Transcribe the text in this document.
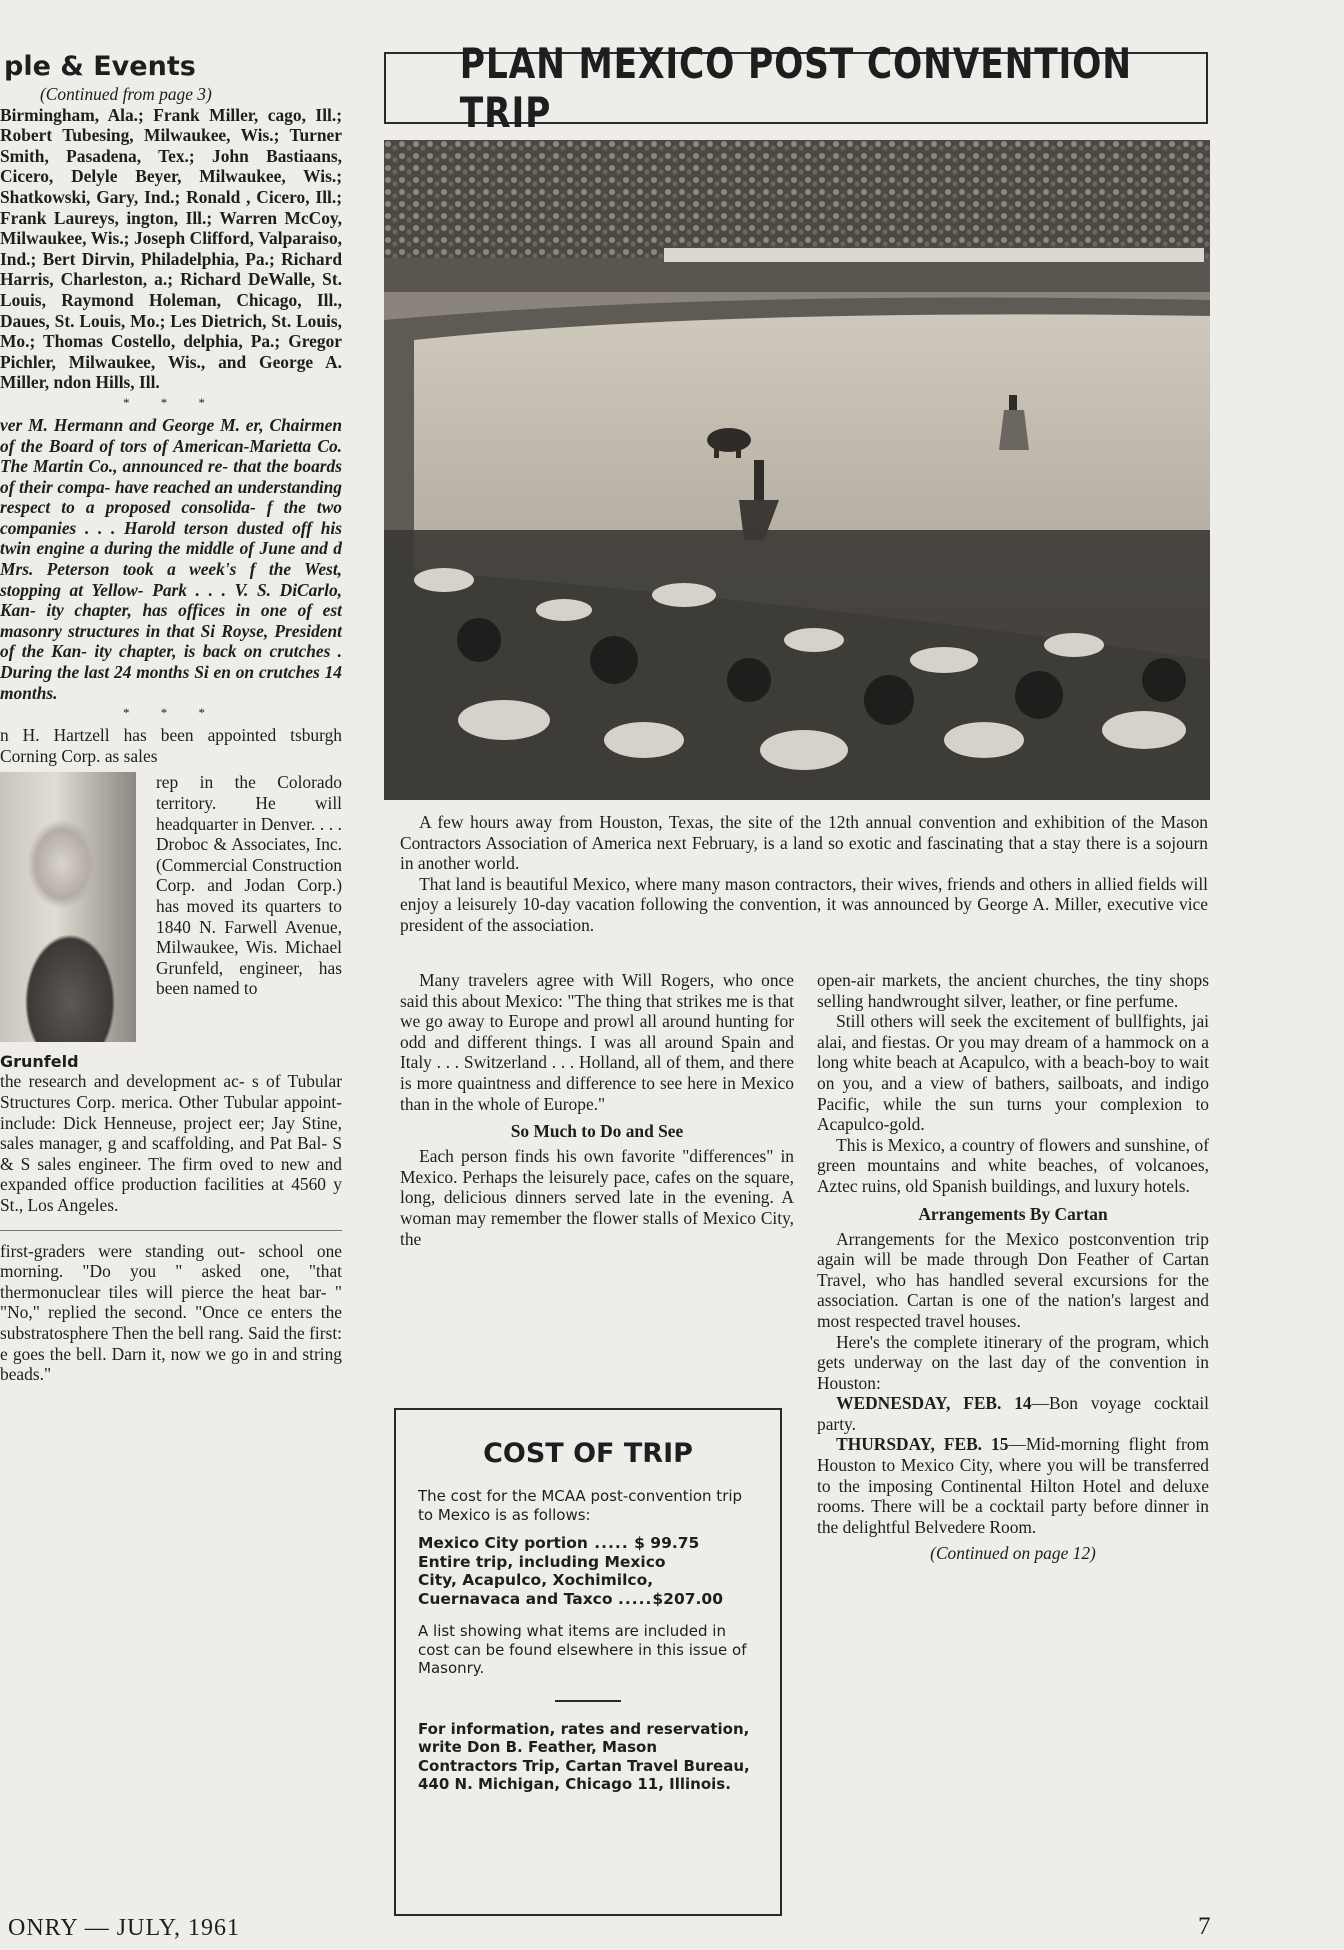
ple & Events

(Continued from page 3)

Birmingham, Ala.; Frank Miller, cago, Ill.; Robert Tubesing, Milwaukee, Wis.; Turner Smith, Pasadena, Tex.; John Bastiaans, Cicero, Delyle Beyer, Milwaukee, Wis.; Shatkowski, Gary, Ind.; Ronald , Cicero, Ill.; Frank Laureys, ington, Ill.; Warren McCoy, Milwaukee, Wis.; Joseph Clifford, Valparaiso, Ind.; Bert Dirvin, Philadelphia, Pa.; Richard Harris, Charleston, a.; Richard DeWalle, St. Louis, Raymond Holeman, Chicago, Ill., Daues, St. Louis, Mo.; Les Dietrich, St. Louis, Mo.; Thomas Costello, delphia, Pa.; Gregor Pichler, Milwaukee, Wis., and George A. Miller, ndon Hills, Ill.

* * *

ver M. Hermann and George M. er, Chairmen of the Board of tors of American-Marietta Co. The Martin Co., announced re- that the boards of their compa- have reached an understanding respect to a proposed consolida- f the two companies . . . Harold terson dusted off his twin engine a during the middle of June and d Mrs. Peterson took a week's f the West, stopping at Yellow- Park . . . V. S. DiCarlo, Kan- ity chapter, has offices in one of est masonry structures in that Si Royse, President of the Kan- ity chapter, is back on crutches . During the last 24 months Si en on crutches 14 months.

* * *

n H. Hartzell has been appointed tsburgh Corning Corp. as sales

Grunfeld

rep in the Colorado territory. He will headquarter in Denver. . . . Droboc & Associates, Inc. (Commercial Construction Corp. and Jodan Corp.) has moved its quarters to 1840 N. Farwell Avenue, Milwaukee, Wis. Michael Grunfeld, engineer, has been named to

the research and development ac- s of Tubular Structures Corp. merica. Other Tubular appoint- include: Dick Henneuse, project eer; Jay Stine, sales manager, g and scaffolding, and Pat Bal- S & S sales engineer. The firm oved to new and expanded office production facilities at 4560 y St., Los Angeles.

first-graders were standing out- school one morning. "Do you " asked one, "that thermonuclear tiles will pierce the heat bar- " "No," replied the second. "Once ce enters the substratosphere Then the bell rang. Said the first: e goes the bell. Darn it, now we go in and string beads."

PLAN MEXICO POST CONVENTION TRIP

A few hours away from Houston, Texas, the site of the 12th annual convention and exhibition of the Mason Contractors Association of America next February, is a land so exotic and fascinating that a stay there is a sojourn in another world.

That land is beautiful Mexico, where many mason contractors, their wives, friends and others in allied fields will enjoy a leisurely 10-day vacation following the convention, it was announced by George A. Miller, executive vice president of the association.

Many travelers agree with Will Rogers, who once said this about Mexico: "The thing that strikes me is that we go away to Europe and prowl all around hunting for odd and different things. I was all around Spain and Italy . . . Switzerland . . . Holland, all of them, and there is more quaintness and difference to see here in Mexico than in the whole of Europe."

So Much to Do and See

Each person finds his own favorite "differences" in Mexico. Perhaps the leisurely pace, cafes on the square, long, delicious dinners served late in the evening. A woman may remember the flower stalls of Mexico City, the

COST OF TRIP

The cost for the MCAA post-convention trip to Mexico is as follows:

Mexico City portion ..... $ 99.75
Entire trip, including Mexico
City, Acapulco, Xochimilco,
Cuernavaca and Taxco .....$207.00

A list showing what items are included in cost can be found elsewhere in this issue of Masonry.

For information, rates and reservation, write Don B. Feather, Mason Contractors Trip, Cartan Travel Bureau, 440 N. Michigan, Chicago 11, Illinois.

open-air markets, the ancient churches, the tiny shops selling handwrought silver, leather, or fine perfume.

Still others will seek the excitement of bullfights, jai alai, and fiestas. Or you may dream of a hammock on a long white beach at Acapulco, with a beach-boy to wait on you, and a view of bathers, sailboats, and indigo Pacific, while the sun turns your complexion to Acapulco-gold.

This is Mexico, a country of flowers and sunshine, of green mountains and white beaches, of volcanoes, Aztec ruins, old Spanish buildings, and luxury hotels.

Arrangements By Cartan

Arrangements for the Mexico postconvention trip again will be made through Don Feather of Cartan Travel, who has handled several excursions for the association. Cartan is one of the nation's largest and most respected travel houses.

Here's the complete itinerary of the program, which gets underway on the last day of the convention in Houston:

WEDNESDAY, FEB. 14—Bon voyage cocktail party.

THURSDAY, FEB. 15—Mid-morning flight from Houston to Mexico City, where you will be transferred to the imposing Continental Hilton Hotel and deluxe rooms. There will be a cocktail party before dinner in the delightful Belvedere Room.

(Continued on page 12)

ONRY — JULY, 1961	7
